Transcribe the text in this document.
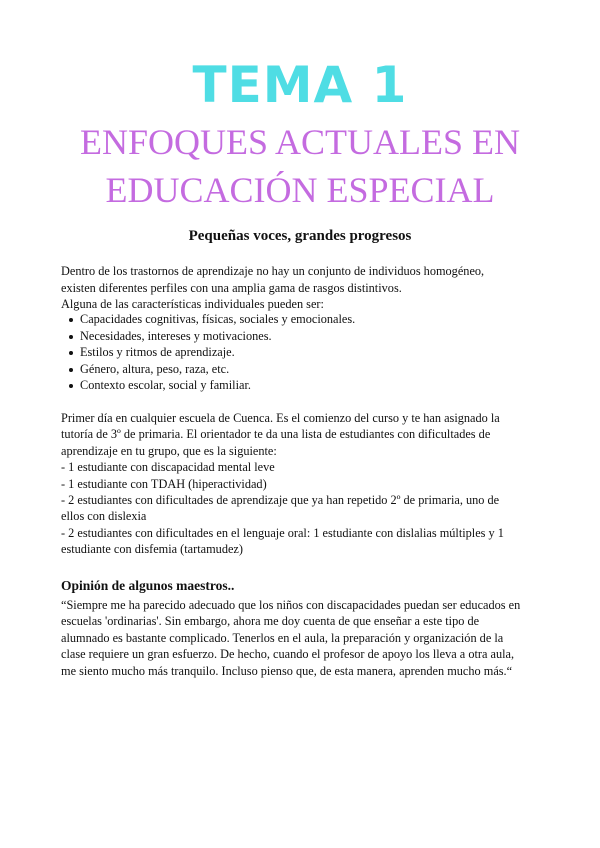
TEMA 1
ENFOQUES ACTUALES EN
EDUCACIÓN ESPECIAL
Pequeñas voces, grandes progresos
Dentro de los trastornos de aprendizaje no hay un conjunto de individuos homogéneo,
existen diferentes perfiles con una amplia gama de rasgos distintivos.
Alguna de las características individuales pueden ser:
Capacidades cognitivas, físicas, sociales y emocionales.
Necesidades, intereses y motivaciones.
Estilos y ritmos de aprendizaje.
Género, altura, peso, raza, etc.
Contexto escolar, social y familiar.
Primer día en cualquier escuela de Cuenca. Es el comienzo del curso y te han asignado la
tutoría de 3º de primaria. El orientador te da una lista de estudiantes con dificultades de
aprendizaje en tu grupo, que es la siguiente:
- 1 estudiante con discapacidad mental leve
- 1 estudiante con TDAH (hiperactividad)
- 2 estudiantes con dificultades de aprendizaje que ya han repetido 2º de primaria, uno de
ellos con dislexia
- 2 estudiantes con dificultades en el lenguaje oral: 1 estudiante con dislalias múltiples y 1
estudiante con disfemia (tartamudez)
Opinión de algunos maestros..
“Siempre me ha parecido adecuado que los niños con discapacidades puedan ser educados en
escuelas 'ordinarias'. Sin embargo, ahora me doy cuenta de que enseñar a este tipo de
alumnado es bastante complicado. Tenerlos en el aula, la preparación y organización de la
clase requiere un gran esfuerzo. De hecho, cuando el profesor de apoyo los lleva a otra aula,
me siento mucho más tranquilo. Incluso pienso que, de esta manera, aprenden mucho más.“
